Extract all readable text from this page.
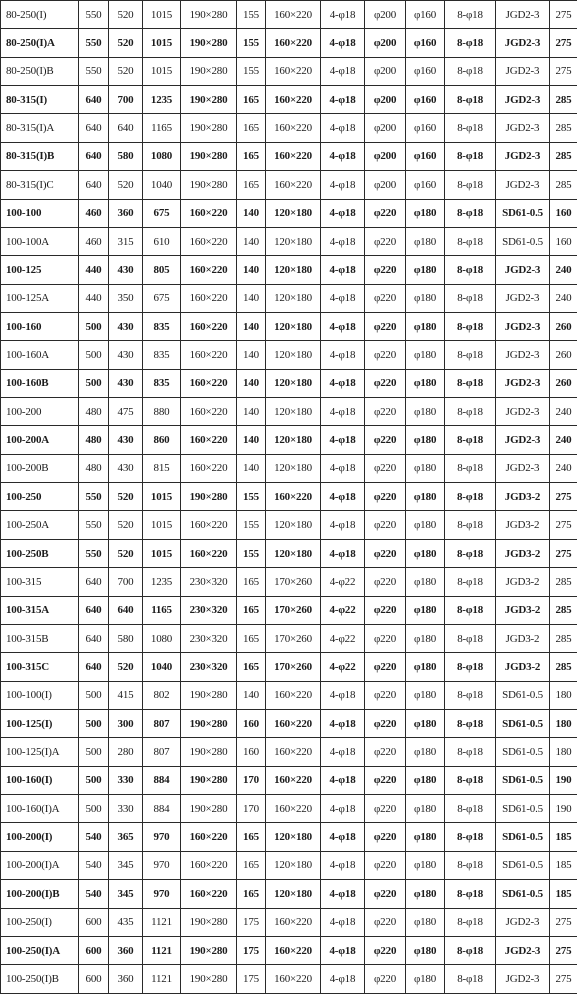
80-250(I)	550	520	1015	190×280	155	160×220	4-φ18	φ200	φ160	8-φ18	JGD2-3	275
80-250(I)A	550	520	1015	190×280	155	160×220	4-φ18	φ200	φ160	8-φ18	JGD2-3	275
80-250(I)B	550	520	1015	190×280	155	160×220	4-φ18	φ200	φ160	8-φ18	JGD2-3	275
80-315(I)	640	700	1235	190×280	165	160×220	4-φ18	φ200	φ160	8-φ18	JGD2-3	285
80-315(I)A	640	640	1165	190×280	165	160×220	4-φ18	φ200	φ160	8-φ18	JGD2-3	285
80-315(I)B	640	580	1080	190×280	165	160×220	4-φ18	φ200	φ160	8-φ18	JGD2-3	285
80-315(I)C	640	520	1040	190×280	165	160×220	4-φ18	φ200	φ160	8-φ18	JGD2-3	285
100-100	460	360	675	160×220	140	120×180	4-φ18	φ220	φ180	8-φ18	SD61-0.5	160
100-100A	460	315	610	160×220	140	120×180	4-φ18	φ220	φ180	8-φ18	SD61-0.5	160
100-125	440	430	805	160×220	140	120×180	4-φ18	φ220	φ180	8-φ18	JGD2-3	240
100-125A	440	350	675	160×220	140	120×180	4-φ18	φ220	φ180	8-φ18	JGD2-3	240
100-160	500	430	835	160×220	140	120×180	4-φ18	φ220	φ180	8-φ18	JGD2-3	260
100-160A	500	430	835	160×220	140	120×180	4-φ18	φ220	φ180	8-φ18	JGD2-3	260
100-160B	500	430	835	160×220	140	120×180	4-φ18	φ220	φ180	8-φ18	JGD2-3	260
100-200	480	475	880	160×220	140	120×180	4-φ18	φ220	φ180	8-φ18	JGD2-3	240
100-200A	480	430	860	160×220	140	120×180	4-φ18	φ220	φ180	8-φ18	JGD2-3	240
100-200B	480	430	815	160×220	140	120×180	4-φ18	φ220	φ180	8-φ18	JGD2-3	240
100-250	550	520	1015	190×280	155	160×220	4-φ18	φ220	φ180	8-φ18	JGD3-2	275
100-250A	550	520	1015	160×220	155	120×180	4-φ18	φ220	φ180	8-φ18	JGD3-2	275
100-250B	550	520	1015	160×220	155	120×180	4-φ18	φ220	φ180	8-φ18	JGD3-2	275
100-315	640	700	1235	230×320	165	170×260	4-φ22	φ220	φ180	8-φ18	JGD3-2	285
100-315A	640	640	1165	230×320	165	170×260	4-φ22	φ220	φ180	8-φ18	JGD3-2	285
100-315B	640	580	1080	230×320	165	170×260	4-φ22	φ220	φ180	8-φ18	JGD3-2	285
100-315C	640	520	1040	230×320	165	170×260	4-φ22	φ220	φ180	8-φ18	JGD3-2	285
100-100(I)	500	415	802	190×280	140	160×220	4-φ18	φ220	φ180	8-φ18	SD61-0.5	180
100-125(I)	500	300	807	190×280	160	160×220	4-φ18	φ220	φ180	8-φ18	SD61-0.5	180
100-125(I)A	500	280	807	190×280	160	160×220	4-φ18	φ220	φ180	8-φ18	SD61-0.5	180
100-160(I)	500	330	884	190×280	170	160×220	4-φ18	φ220	φ180	8-φ18	SD61-0.5	190
100-160(I)A	500	330	884	190×280	170	160×220	4-φ18	φ220	φ180	8-φ18	SD61-0.5	190
100-200(I)	540	365	970	160×220	165	120×180	4-φ18	φ220	φ180	8-φ18	SD61-0.5	185
100-200(I)A	540	345	970	160×220	165	120×180	4-φ18	φ220	φ180	8-φ18	SD61-0.5	185
100-200(I)B	540	345	970	160×220	165	120×180	4-φ18	φ220	φ180	8-φ18	SD61-0.5	185
100-250(I)	600	435	1121	190×280	175	160×220	4-φ18	φ220	φ180	8-φ18	JGD2-3	275
100-250(I)A	600	360	1121	190×280	175	160×220	4-φ18	φ220	φ180	8-φ18	JGD2-3	275
100-250(I)B	600	360	1121	190×280	175	160×220	4-φ18	φ220	φ180	8-φ18	JGD2-3	275
